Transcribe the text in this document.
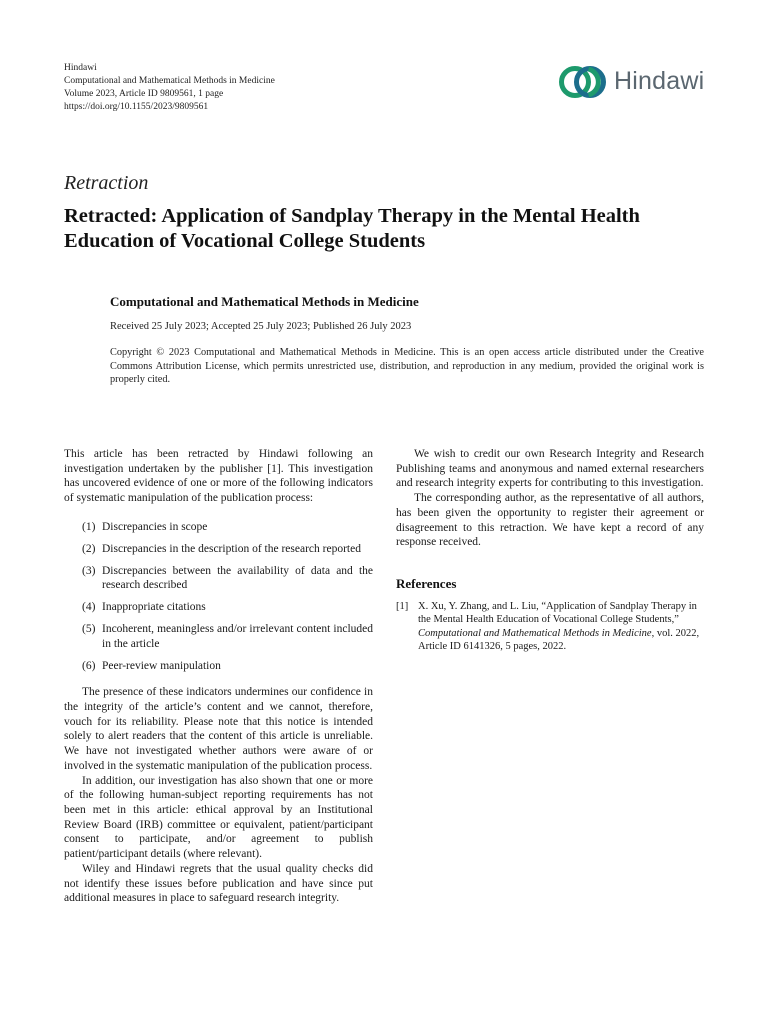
Hindawi
Computational and Mathematical Methods in Medicine
Volume 2023, Article ID 9809561, 1 page
https://doi.org/10.1155/2023/9809561
Hindawi
Retraction
Retracted: Application of Sandplay Therapy in the Mental Health Education of Vocational College Students
Computational and Mathematical Methods in Medicine
Received 25 July 2023; Accepted 25 July 2023; Published 26 July 2023

Copyright © 2023 Computational and Mathematical Methods in Medicine. This is an open access article distributed under the Creative Commons Attribution License, which permits unrestricted use, distribution, and reproduction in any medium, provided the original work is properly cited.

This article has been retracted by Hindawi following an investigation undertaken by the publisher [1]. This investigation has uncovered evidence of one or more of the following indicators of systematic manipulation of the publication process:

(1) Discrepancies in scope
(2) Discrepancies in the description of the research reported
(3) Discrepancies between the availability of data and the research described
(4) Inappropriate citations
(5) Incoherent, meaningless and/or irrelevant content included in the article
(6) Peer-review manipulation

The presence of these indicators undermines our confidence in the integrity of the article’s content and we cannot, therefore, vouch for its reliability. Please note that this notice is intended solely to alert readers that the content of this article is unreliable. We have not investigated whether authors were aware of or involved in the systematic manipulation of the publication process.

In addition, our investigation has also shown that one or more of the following human-subject reporting requirements has not been met in this article: ethical approval by an Institutional Review Board (IRB) committee or equivalent, patient/participant consent to participate, and/or agreement to publish patient/participant details (where relevant).

Wiley and Hindawi regrets that the usual quality checks did not identify these issues before publication and have since put additional measures in place to safeguard research integrity.

We wish to credit our own Research Integrity and Research Publishing teams and anonymous and named external researchers and research integrity experts for contributing to this investigation.

The corresponding author, as the representative of all authors, has been given the opportunity to register their agreement or disagreement to this retraction. We have kept a record of any response received.

References
[1] X. Xu, Y. Zhang, and L. Liu, “Application of Sandplay Therapy in the Mental Health Education of Vocational College Students,” Computational and Mathematical Methods in Medicine, vol. 2022, Article ID 6141326, 5 pages, 2022.
